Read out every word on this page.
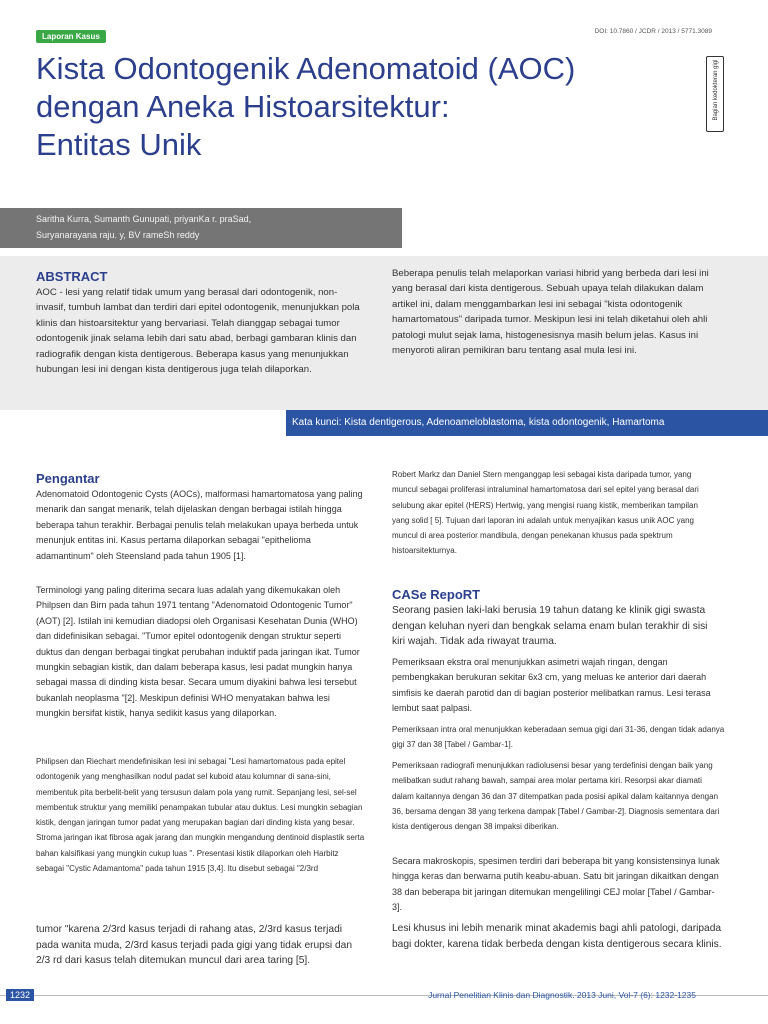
Laporan Kasus
DOI: 10.7860 / JCDR / 2013 / 5771.3089
Kista Odontogenik Adenomatoid (AOC)
dengan Aneka Histoarsitektur:
Entitas Unik
Bagian kedokteran gigi
Saritha Kurra, Sumanth Gunupati, priyanKa r. praSad,
Suryanarayana raju. y, BV rameSh reddy
ABSTRACT
AOC - lesi yang relatif tidak umum yang berasal dari odontogenik, non-invasif, tumbuh lambat dan terdiri dari epitel odontogenik, menunjukkan pola klinis dan histoarsitektur yang bervariasi. Telah dianggap sebagai tumor odontogenik jinak selama lebih dari satu abad, berbagi gambaran klinis dan radiografik dengan kista dentigerous. Beberapa kasus yang menunjukkan hubungan lesi ini dengan kista dentigerous juga telah dilaporkan.
Beberapa penulis telah melaporkan variasi hibrid yang berbeda dari lesi ini yang berasal dari kista dentigerous. Sebuah upaya telah dilakukan dalam artikel ini, dalam menggambarkan lesi ini sebagai "kista odontogenik hamartomatous" daripada tumor. Meskipun lesi ini telah diketahui oleh ahli patologi mulut sejak lama, histogenesisnya masih belum jelas. Kasus ini menyoroti aliran pemikiran baru tentang asal mula lesi ini.
Kata kunci: Kista dentigerous, Adenoameloblastoma, kista odontogenik, Hamartoma
Pengantar
Adenomatoid Odontogenic Cysts (AOCs), malformasi hamartomatosa yang paling menarik dan sangat menarik, telah dijelaskan dengan berbagai istilah hingga beberapa tahun terakhir. Berbagai penulis telah melakukan upaya berbeda untuk menunjuk entitas ini. Kasus pertama dilaporkan sebagai "epithelioma adamantinum" oleh Steensland pada tahun 1905 [1].
Terminologi yang paling diterima secara luas adalah yang dikemukakan oleh Philpsen dan Birn pada tahun 1971 tentang "Adenomatoid Odontogenic Tumor" (AOT) [2]. Istilah ini kemudian diadopsi oleh Organisasi Kesehatan Dunia (WHO) dan didefinisikan sebagai. "Tumor epitel odontogenik dengan struktur seperti duktus dan dengan berbagai tingkat perubahan induktif pada jaringan ikat. Tumor mungkin sebagian kistik, dan dalam beberapa kasus, lesi padat mungkin hanya sebagai massa di dinding kista besar. Secara umum diyakini bahwa lesi tersebut bukanlah neoplasma "[2]. Meskipun definisi WHO menyatakan bahwa lesi mungkin bersifat kistik, hanya sedikit kasus yang dilaporkan.
Philipsen dan Riechart mendefinisikan lesi ini sebagai "Lesi hamartomatous pada epitel odontogenik yang menghasilkan nodul padat sel kuboid atau kolumnar di sana-sini, membentuk pita berbelit-belit yang tersusun dalam pola yang rumit. Sepanjang lesi, sel-sel membentuk struktur yang memiliki penampakan tubular atau duktus. Lesi mungkin sebagian kistik, dengan jaringan tumor padat yang merupakan bagian dari dinding kista yang besar. Stroma jaringan ikat fibrosa agak jarang dan mungkin mengandung dentinoid displastik serta bahan kalsifikasi yang mungkin cukup luas ". Presentasi kistik dilaporkan oleh Harbitz sebagai "Cystic Adamantoma" pada tahun 1915 [3,4]. Itu disebut sebagai "2/3rd
tumor "karena 2/3rd kasus terjadi di rahang atas, 2/3rd kasus terjadi pada wanita muda, 2/3rd kasus terjadi pada gigi yang tidak erupsi dan 2/3 rd dari kasus telah ditemukan muncul dari area taring [5].
Robert Markz dan Daniel Stern menganggap lesi sebagai kista daripada tumor, yang muncul sebagai proliferasi intraluminal hamartomatosa dari sel epitel yang berasal dari selubung akar epitel (HERS) Hertwig, yang mengisi ruang kistik, memberikan tampilan yang solid [ 5]. Tujuan dari laporan ini adalah untuk menyajikan kasus unik AOC yang muncul di area posterior mandibula, dengan penekanan khusus pada spektrum histoarsitekturnya.
CASe RepoRT
Seorang pasien laki-laki berusia 19 tahun datang ke klinik gigi swasta dengan keluhan nyeri dan bengkak selama enam bulan terakhir di sisi kiri wajah. Tidak ada riwayat trauma.
Pemeriksaan ekstra oral menunjukkan asimetri wajah ringan, dengan pembengkakan berukuran sekitar 6x3 cm, yang meluas ke anterior dari daerah simfisis ke daerah parotid dan di bagian posterior melibatkan ramus. Lesi terasa lembut saat palpasi.
Pemeriksaan intra oral menunjukkan keberadaan semua gigi dari 31-36, dengan tidak adanya gigi 37 dan 38 [Tabel / Gambar-1].
Pemeriksaan radiografi menunjukkan radiolusensi besar yang terdefinisi dengan baik yang melibatkan sudut rahang bawah, sampai area molar pertama kiri. Resorpsi akar diamati dalam kaitannya dengan 36 dan 37 ditempatkan pada posisi apikal dalam kaitannya dengan 36, bersama dengan 38 yang terkena dampak [Tabel / Gambar-2]. Diagnosis sementara dari kista dentigerous dengan 38 impaksi diberikan.
Secara makroskopis, spesimen terdiri dari beberapa bit yang konsistensinya lunak hingga keras dan berwarna putih keabu-abuan. Satu bit jaringan dikaitkan dengan 38 dan beberapa bit jaringan ditemukan mengelilingi CEJ molar [Tabel / Gambar-3].
Lesi khusus ini lebih menarik minat akademis bagi ahli patologi, daripada bagi dokter, karena tidak berbeda dengan kista dentigerous secara klinis.
1232	Jurnal Penelitian Klinis dan Diagnostik. 2013 Juni, Vol-7 (6): 1232-1235
